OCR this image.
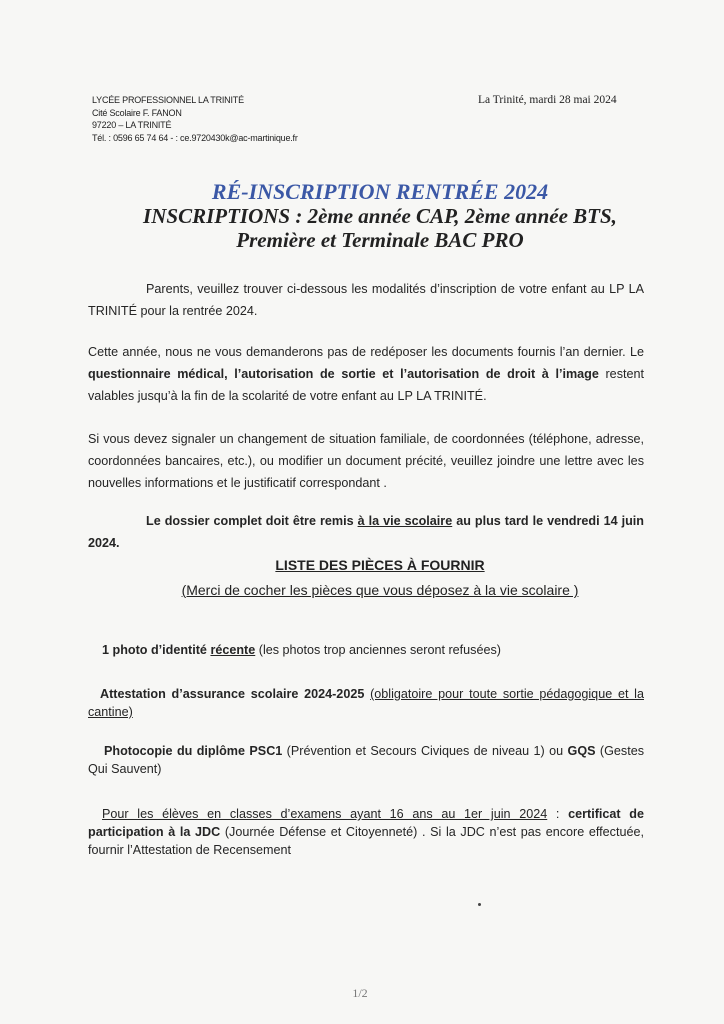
LYCÉE PROFESSIONNEL LA TRINITÉ
Cité Scolaire F. FANON
97220 – LA TRINITÉ
Tél. : 0596 65 74 64 - : ce.9720430k@ac-martinique.fr
La Trinité, mardi 28 mai 2024
RÉ-INSCRIPTION RENTRÉE 2024
INSCRIPTIONS : 2ème année CAP, 2ème année BTS,
Première et Terminale BAC PRO
Parents, veuillez trouver ci-dessous les modalités d’inscription de votre enfant au LP LA TRINITÉ pour la rentrée 2024.
Cette année, nous ne vous demanderons pas de redéposer les documents fournis l’an dernier. Le questionnaire médical, l’autorisation de sortie et l’autorisation de droit à l’image restent valables jusqu’à la fin de la scolarité de votre enfant au LP LA TRINITÉ.
Si vous devez signaler un changement de situation familiale, de coordonnées (téléphone, adresse, coordonnées bancaires, etc.), ou modifier un document précité, veuillez joindre une lettre avec les nouvelles informations et le justificatif correspondant .
Le dossier complet doit être remis à la vie scolaire au plus tard le vendredi 14 juin 2024.
LISTE DES PIÈCES À FOURNIR
(Merci de cocher les pièces que vous déposez à la vie scolaire )
1 photo d’identité récente (les photos trop anciennes seront refusées)
Attestation d’assurance scolaire 2024-2025 (obligatoire pour toute sortie pédagogique et la cantine)
Photocopie du diplôme PSC1 (Prévention et Secours Civiques de niveau 1) ou GQS (Gestes Qui Sauvent)
Pour les élèves en classes d’examens ayant 16 ans au 1er juin 2024 : certificat de participation à la JDC (Journée Défense et Citoyenneté) . Si la JDC n’est pas encore effectuée, fournir l’Attestation de Recensement
1/2
